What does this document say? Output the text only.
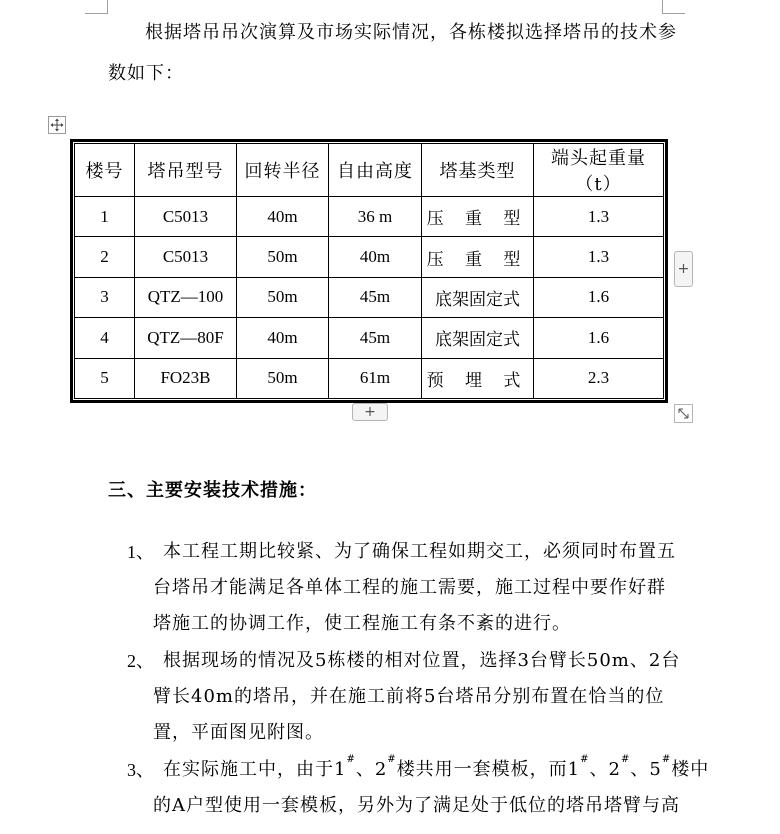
根据塔吊吊次演算及市场实际情况，各栋楼拟选择塔吊的技术参
数如下：
楼号	塔吊型号	回转半径	自由高度	塔基类型	端头起重量（t）
1	C5013	40m	36 m	压 重 型	1.3
2	C5013	50m	40m	压 重 型	1.3
3	QTZ—100	50m	45m	底架固定式	1.6
4	QTZ—80F	40m	45m	底架固定式	1.6
5	FO23B	50m	61m	预 埋 式	2.3
+
+
三、主要安装技术措施：
1、 本工程工期比较紧、为了确保工程如期交工，必须同时布置五
台塔吊才能满足各单体工程的施工需要，施工过程中要作好群
塔施工的协调工作，使工程施工有条不紊的进行。
2、 根据现场的情况及5栋楼的相对位置，选择3台臂长50m、2台
臂长40m的塔吊，并在施工前将5台塔吊分别布置在恰当的位
置，平面图见附图。
3、 在实际施工中，由于1#、2#楼共用一套模板，而1#、2#、5#楼中
的A户型使用一套模板，另外为了满足处于低位的塔吊塔臂与高
